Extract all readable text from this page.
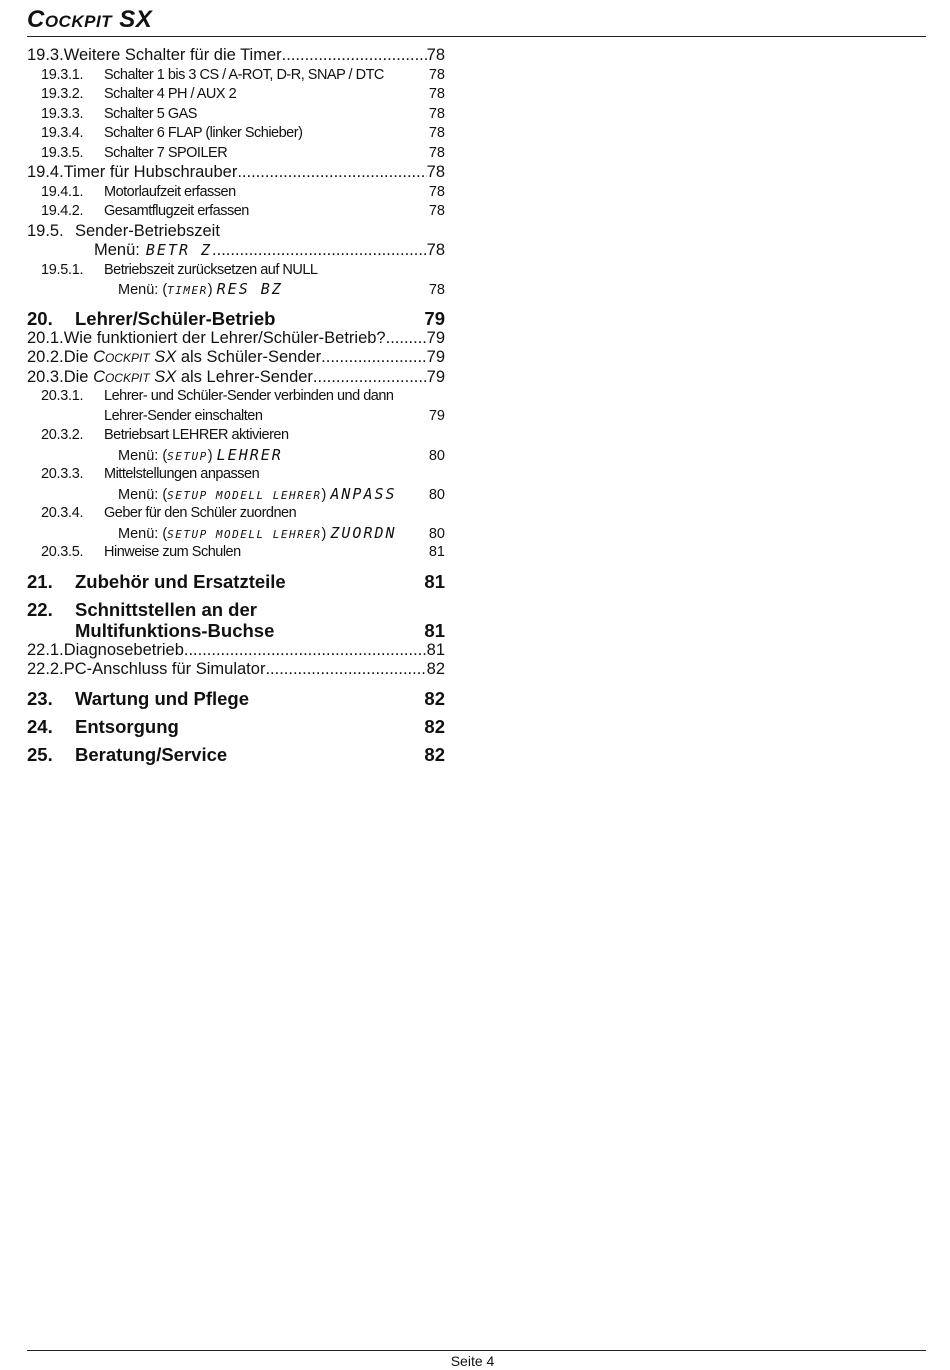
Cockpit SX
19.3. Weitere Schalter für die Timer .....	78
19.3.1.	Schalter 1 bis 3 CS / A-ROT, D-R, SNAP / DTC	78
19.3.2.	Schalter 4 PH / AUX 2	78
19.3.3.	Schalter 5 GAS	78
19.3.4.	Schalter 6 FLAP (linker Schieber)	78
19.3.5.	Schalter 7 SPOILER	78
19.4. Timer für Hubschrauber .....	78
19.4.1.	Motorlaufzeit erfassen	78
19.4.2.	Gesamtflugzeit erfassen	78
19.5. Sender-Betriebszeit
Menü: BETR Z .....	78
19.5.1.	Betriebszeit zurücksetzen auf NULL
Menü: ( TIMER ) RES BZ	78
20.	Lehrer/Schüler-Betrieb	79
20.1. Wie funktioniert der Lehrer/Schüler-Betrieb? ..... 79
20.2. Die Cockpit SX als Schüler-Sender .....	79
20.3. Die Cockpit SX als Lehrer-Sender .....	79
20.3.1.	Lehrer- und Schüler-Sender verbinden und dann
Lehrer-Sender einschalten	79
20.3.2.	Betriebsart LEHRER aktivieren
Menü: ( SETUP ) LEHRER	80
20.3.3.	Mittelstellungen anpassen
Menü: ( SETUP MODELL LEHRER ) ANPASS 80
20.3.4.	Geber für den Schüler zuordnen
Menü: ( SETUP MODELL LEHRER ) ZUORDN 80
20.3.5.	Hinweise zum Schulen	81
21.	Zubehör und Ersatzteile	81
22.	Schnittstellen an der
Multifunktions-Buchse	81
22.1. Diagnosebetrieb .....	81
22.2. PC-Anschluss für Simulator .....	82
23.	Wartung und Pflege	82
24.	Entsorgung	82
25.	Beratung/Service	82
Seite 4
